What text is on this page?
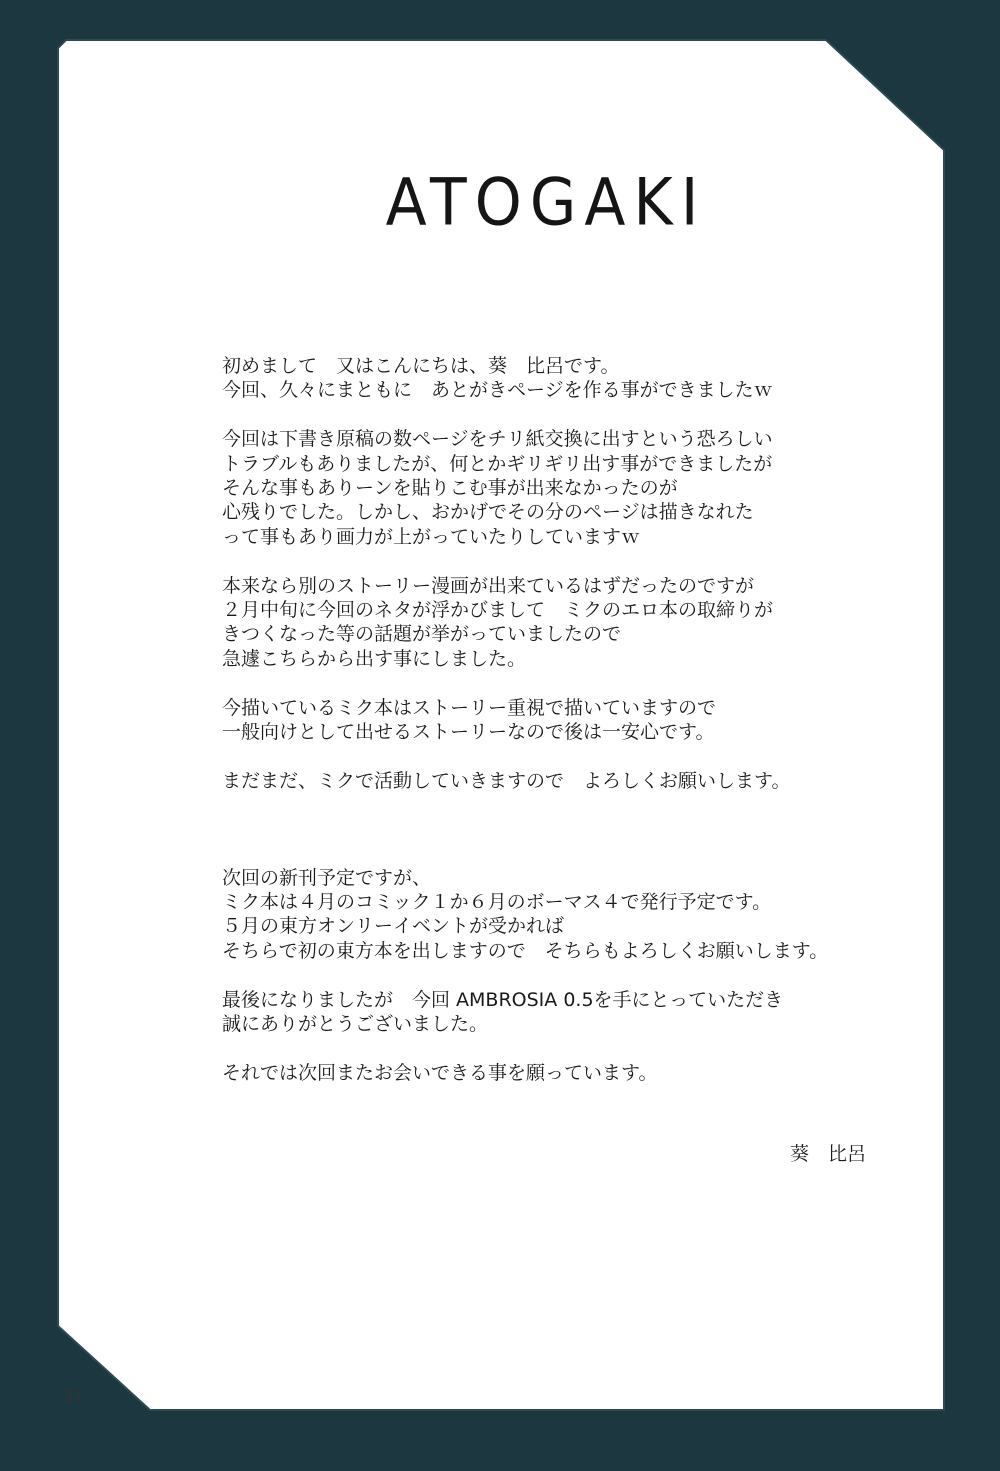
ATOGAKI
初めまして　又はこんにちは、葵　比呂です。
今回、久々にまともに　あとがきページを作る事ができましたｗ
今回は下書き原稿の数ページをチリ紙交換に出すという恐ろしい
トラブルもありましたが、何とかギリギリ出す事ができましたが
そんな事もありーンを貼りこむ事が出来なかったのが
心残りでした。しかし、おかげでその分のページは描きなれた
って事もあり画力が上がっていたりしていますｗ
本来なら別のストーリー漫画が出来ているはずだったのですが
２月中旬に今回のネタが浮かびまして　ミクのエロ本の取締りが
きつくなった等の話題が挙がっていましたので
急遽こちらから出す事にしました。
今描いているミク本はストーリー重視で描いていますので
一般向けとして出せるストーリーなので後は一安心です。
まだまだ、ミクで活動していきますので　よろしくお願いします。
次回の新刊予定ですが、
ミク本は４月のコミック１か６月のボーマス４で発行予定です。
５月の東方オンリーイベントが受かれば
そちらで初の東方本を出しますので　そちらもよろしくお願いします。
最後になりましたが　今回 AMBROSIA 0.5を手にとっていただき
誠にありがとうございました。
それでは次回またお会いできる事を願っています。
葵　比呂
21
